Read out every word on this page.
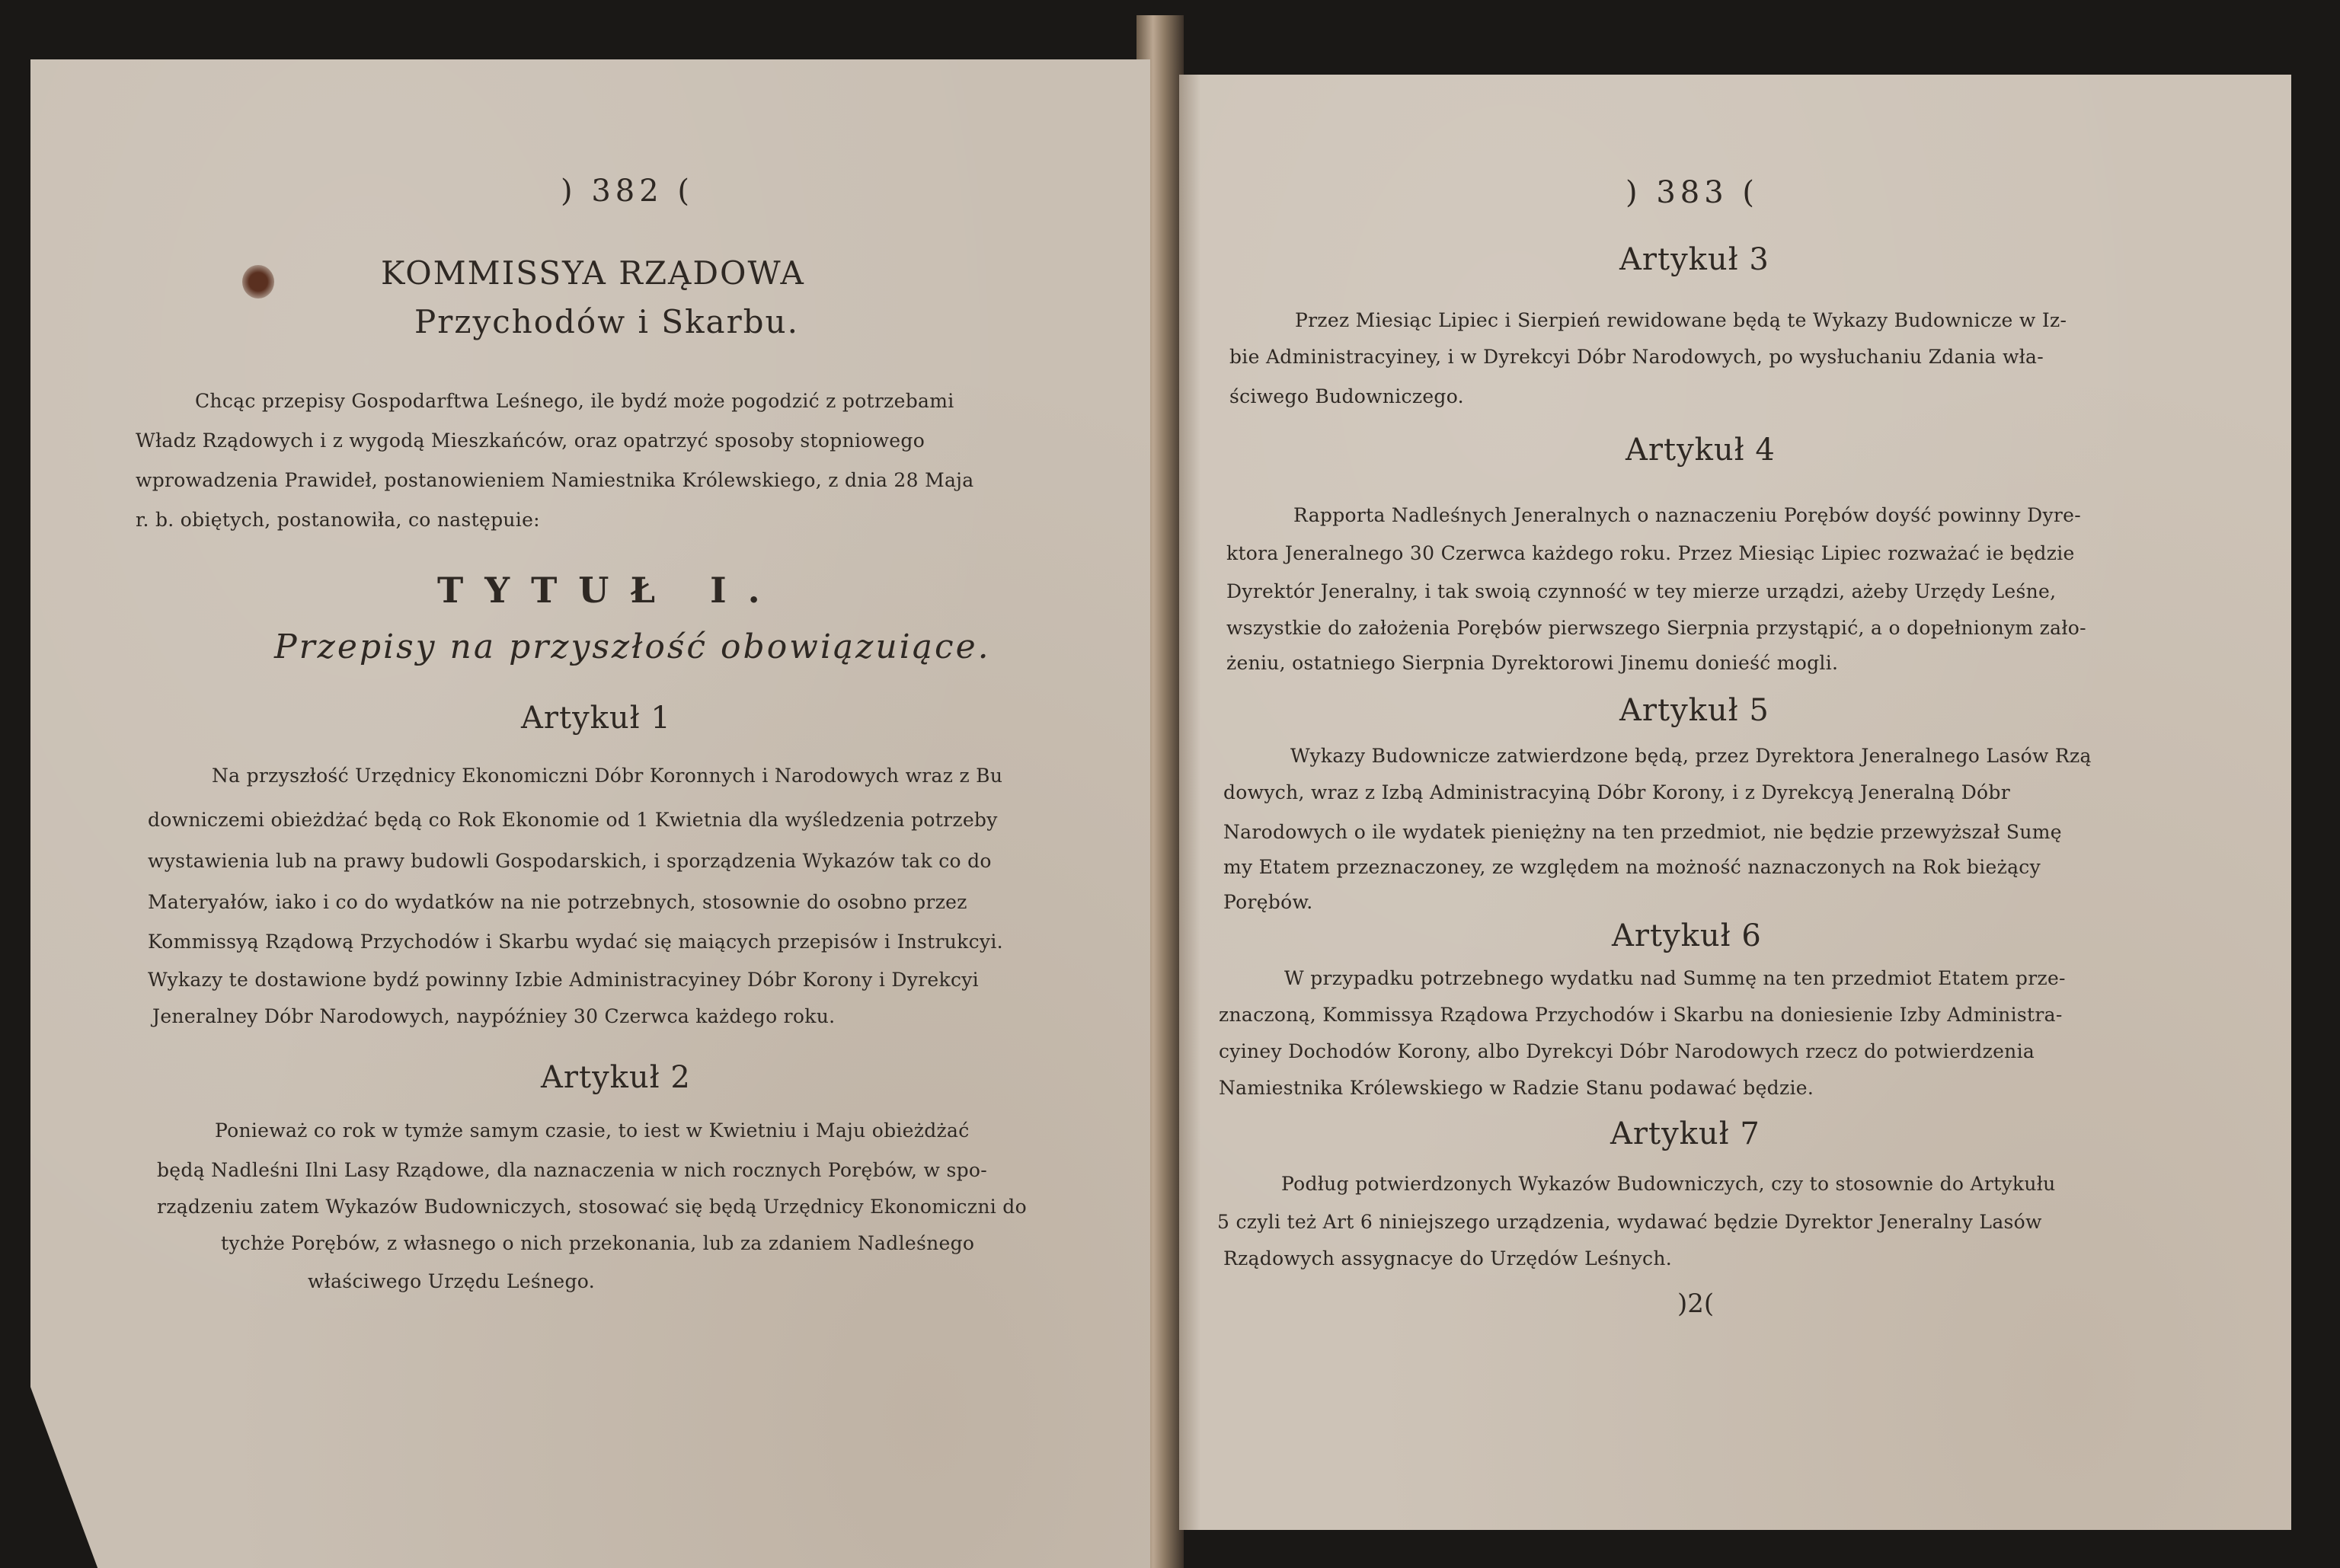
) 382 (
KOMMISSYA RZĄDOWA
Przychodów i Skarbu.
Chcąc przepisy Gospodarftwa Leśnego, ile bydź może pogodzić z potrzebami
Władz Rządowych i z wygodą Mieszkańców, oraz opatrzyć sposoby stopniowego
wprowadzenia Prawideł, postanowieniem Namiestnika Królewskiego, z dnia 28 Maja
r. b. obiętych, postanowiła, co następuie:
TYTUŁ I.
Przepisy na przyszłość obowiązuiące.
Artykuł 1
Na przyszłość Urzędnicy Ekonomiczni Dóbr Koronnych i Narodowych wraz z Bu
downiczemi obieżdżać będą co Rok Ekonomie od 1 Kwietnia dla wyśledzenia potrzeby
wystawienia lub na prawy budowli Gospodarskich, i sporządzenia Wykazów tak co do
Materyałów, iako i co do wydatków na nie potrzebnych, stosownie do osobno przez
Kommissyą Rządową Przychodów i Skarbu wydać się maiących przepisów i Instrukcyi.
Wykazy te dostawione bydź powinny Izbie Administracyiney Dóbr Korony i Dyrekcyi
Jeneralney Dóbr Narodowych, naypóźniey 30 Czerwca każdego roku.
Artykuł 2
Ponieważ co rok w tymże samym czasie, to iest w Kwietniu i Maju obieżdżać
będą Nadleśni Ilni Lasy Rządowe, dla naznaczenia w nich rocznych Porębów, w spo-
rządzeniu zatem Wykazów Budowniczych, stosować się będą Urzędnicy Ekonomiczni do
tychże Porębów, z własnego o nich przekonania, lub za zdaniem Nadleśnego
właściwego Urzędu Leśnego.
) 383 (
Artykuł 3
Przez Miesiąc Lipiec i Sierpień rewidowane będą te Wykazy Budownicze w Iz-
bie Administracyiney, i w Dyrekcyi Dóbr Narodowych, po wysłuchaniu Zdania wła-
ściwego Budowniczego.
Artykuł 4
Rapporta Nadleśnych Jeneralnych o naznaczeniu Porębów doyść powinny Dyre-
ktora Jeneralnego 30 Czerwca każdego roku. Przez Miesiąc Lipiec rozważać ie będzie
Dyrektór Jeneralny, i tak swoią czynność w tey mierze urządzi, ażeby Urzędy Leśne,
wszystkie do założenia Porębów pierwszego Sierpnia przystąpić, a o dopełnionym zało-
żeniu, ostatniego Sierpnia Dyrektorowi Jinemu donieść mogli.
Artykuł 5
Wykazy Budownicze zatwierdzone będą, przez Dyrektora Jeneralnego Lasów Rzą
dowych, wraz z Izbą Administracyiną Dóbr Korony, i z Dyrekcyą Jeneralną Dóbr
Narodowych o ile wydatek pieniężny na ten przedmiot, nie będzie przewyższał Sumę
my Etatem przeznaczoney, ze względem na możność naznaczonych na Rok bieżący
Porębów.
Artykuł 6
W przypadku potrzebnego wydatku nad Summę na ten przedmiot Etatem prze-
znaczoną, Kommissya Rządowa Przychodów i Skarbu na doniesienie Izby Administra-
cyiney Dochodów Korony, albo Dyrekcyi Dóbr Narodowych rzecz do potwierdzenia
Namiestnika Królewskiego w Radzie Stanu podawać będzie.
Artykuł 7
Podług potwierdzonych Wykazów Budowniczych, czy to stosownie do Artykułu
5 czyli też Art 6 niniejszego urządzenia, wydawać będzie Dyrektor Jeneralny Lasów
Rządowych assygnacye do Urzędów Leśnych.
)2(
